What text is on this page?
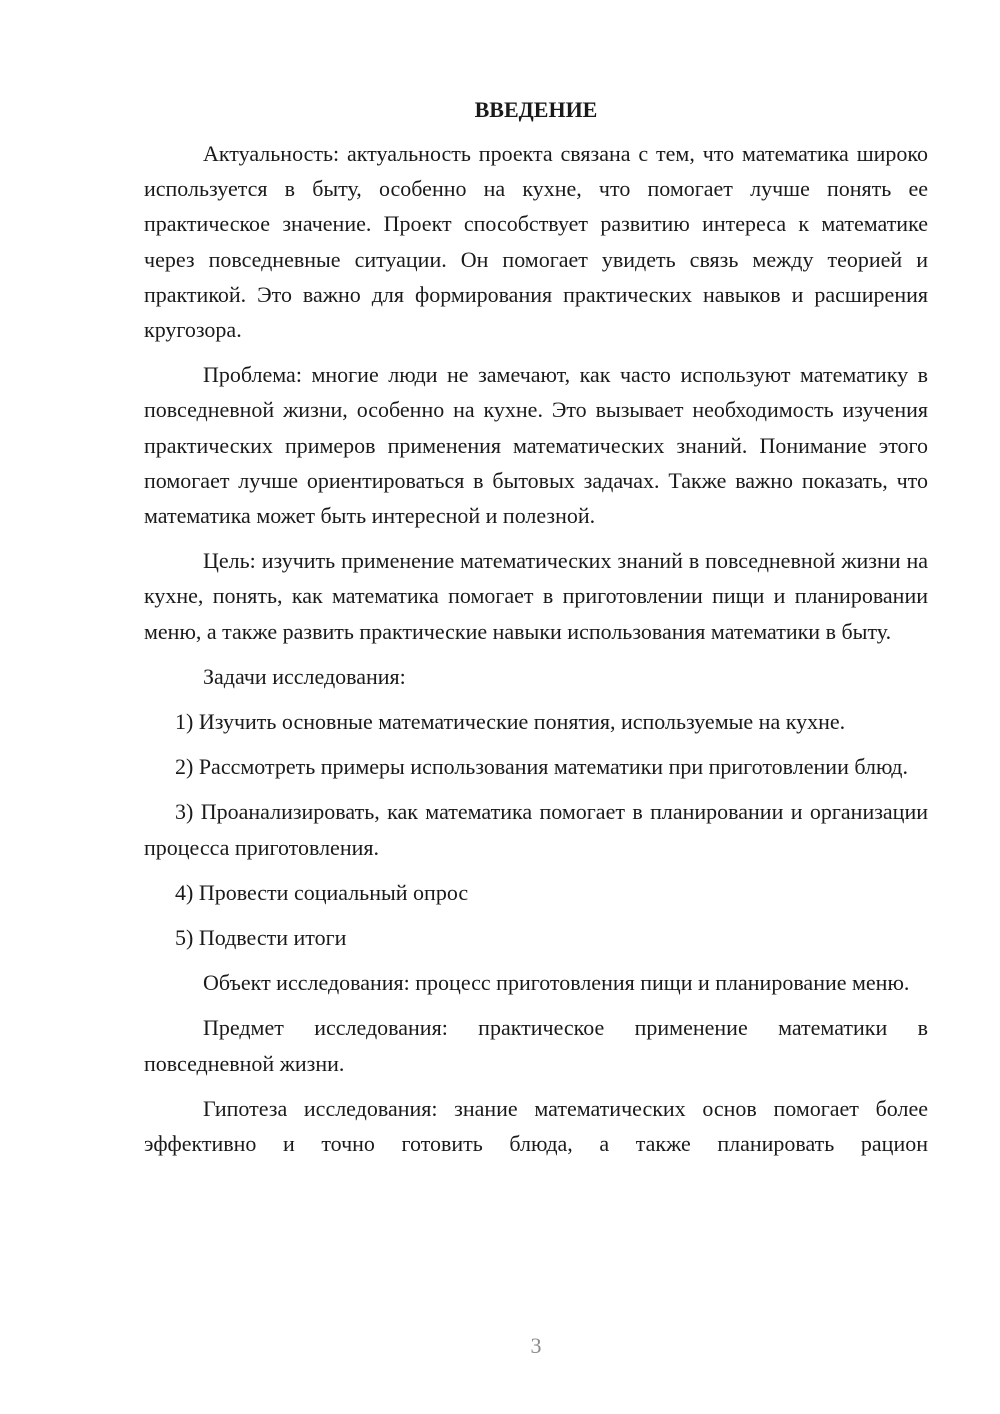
ВВЕДЕНИЕ

Актуальность: актуальность проекта связана с тем, что математика широко используется в быту, особенно на кухне, что помогает лучше понять ее практическое значение. Проект способствует развитию интереса к математике через повседневные ситуации. Он помогает увидеть связь между теорией и практикой. Это важно для формирования практических навыков и расширения кругозора.

Проблема: многие люди не замечают, как часто используют математику в повседневной жизни, особенно на кухне. Это вызывает необходимость изучения практических примеров применения математических знаний. Понимание этого помогает лучше ориентироваться в бытовых задачах. Также важно показать, что математика может быть интересной и полезной.

Цель: изучить применение математических знаний в повседневной жизни на кухне, понять, как математика помогает в приготовлении пищи и планировании меню, а также развить практические навыки использования математики в быту.

Задачи исследования:

1) Изучить основные математические понятия, используемые на кухне.

2) Рассмотреть примеры использования математики при приготовлении блюд.

3) Проанализировать, как математика помогает в планировании и организации процесса приготовления.

4) Провести социальный опрос

5) Подвести итоги

Объект исследования: процесс приготовления пищи и планирование меню.

Предмет исследования: практическое применение математики в повседневной жизни.

Гипотеза исследования: знание математических основ помогает более эффективно и точно готовить блюда, а также планировать рацион

3
